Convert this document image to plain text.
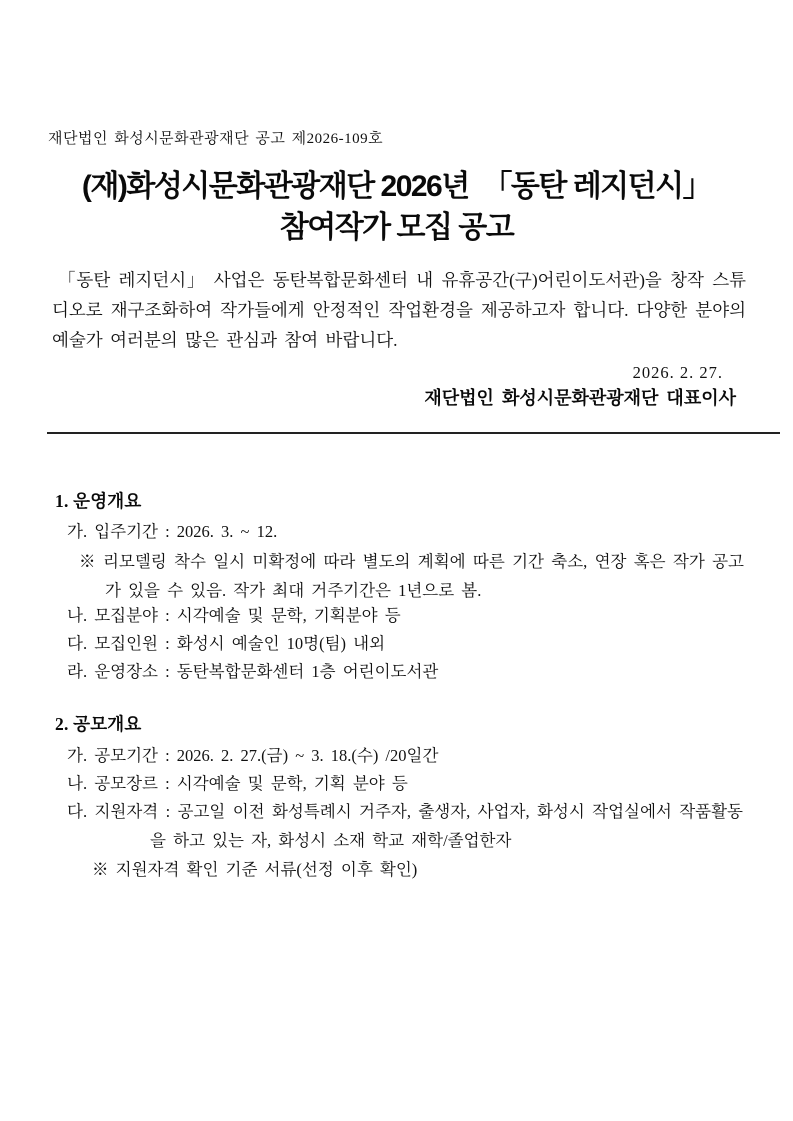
재단법인 화성시문화관광재단 공고 제2026-109호
(재)화성시문화관광재단 2026년  「동탄 레지던시」
참여작가 모집 공고
「동탄 레지던시」 사업은 동탄복합문화센터 내 유휴공간(구)어린이도서관)을 창작 스튜디오로 재구조화하여 작가들에게 안정적인 작업환경을 제공하고자 합니다. 다양한 분야의 예술가 여러분의 많은 관심과 참여 바랍니다.
2026. 2. 27.
재단법인 화성시문화관광재단 대표이사
1. 운영개요
가. 입주기간 : 2026. 3. ~ 12.
※ 리모델링 착수 일시 미확정에 따라 별도의 계획에 따른 기간 축소, 연장 혹은 작가 공고가 있을 수 있음. 작가 최대 거주기간은 1년으로 봄.
나. 모집분야 : 시각예술 및 문학, 기획분야 등
다. 모집인원 : 화성시 예술인 10명(팀) 내외
라. 운영장소 : 동탄복합문화센터 1층 어린이도서관
2. 공모개요
가. 공모기간 : 2026. 2. 27.(금) ~ 3. 18.(수) /20일간
나. 공모장르 : 시각예술 및 문학, 기획 분야 등
다. 지원자격 : 공고일 이전 화성특례시 거주자, 출생자, 사업자, 화성시 작업실에서 작품활동을 하고 있는 자, 화성시 소재 학교 재학/졸업한자
※ 지원자격 확인 기준 서류(선정 이후 확인)
